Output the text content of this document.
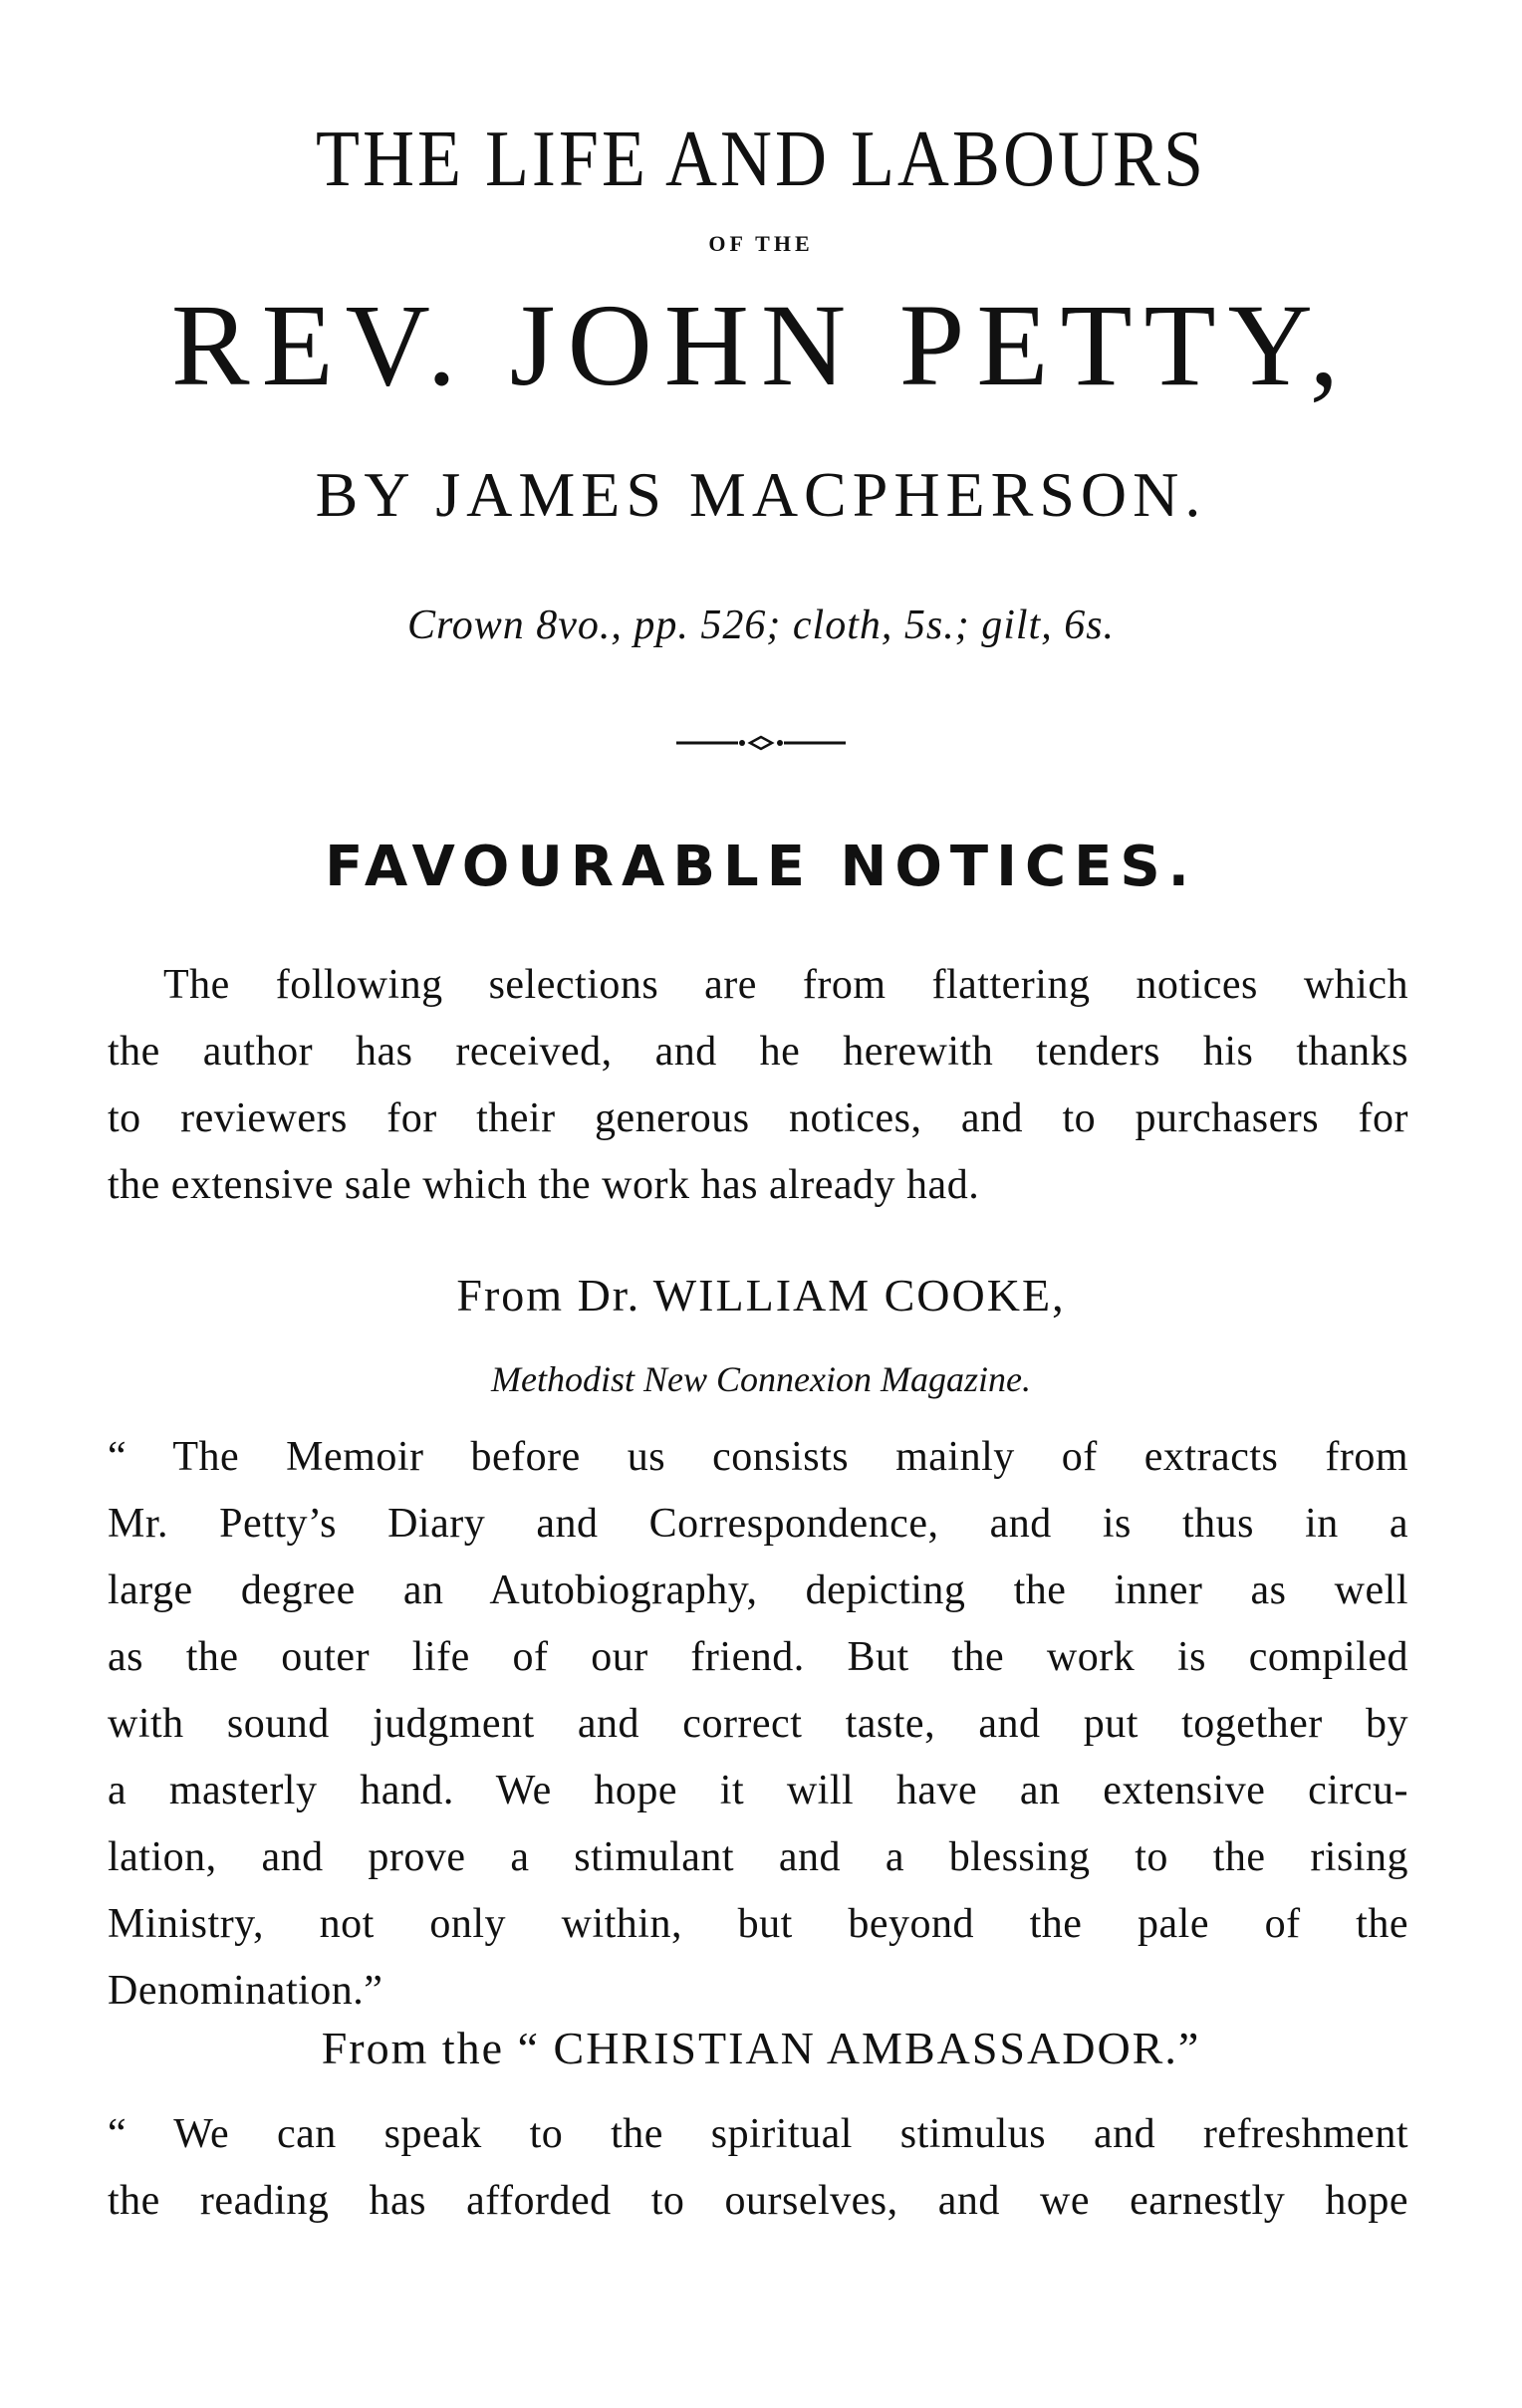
THE LIFE AND LABOURS
OF THE
REV. JOHN PETTY,
BY JAMES MACPHERSON.
Crown 8vo., pp. 526; cloth, 5s.; gilt, 6s.
FAVOURABLE NOTICES.
The following selections are from flattering notices which
the author has received, and he herewith tenders his thanks
to reviewers for their generous notices, and to purchasers for
the extensive sale which the work has already had.
From Dr. WILLIAM COOKE,
Methodist New Connexion Magazine.
“ The Memoir before us consists mainly of extracts from
Mr. Petty’s Diary and Correspondence, and is thus in a
large degree an Autobiography, depicting the inner as well
as the outer life of our friend. But the work is compiled
with sound judgment and correct taste, and put together by
a masterly hand. We hope it will have an extensive circu-
lation, and prove a stimulant and a blessing to the rising
Ministry, not only within, but beyond the pale of the
Denomination.”
From the “ CHRISTIAN AMBASSADOR.”
“ We can speak to the spiritual stimulus and refreshment
the reading has afforded to ourselves, and we earnestly hope
